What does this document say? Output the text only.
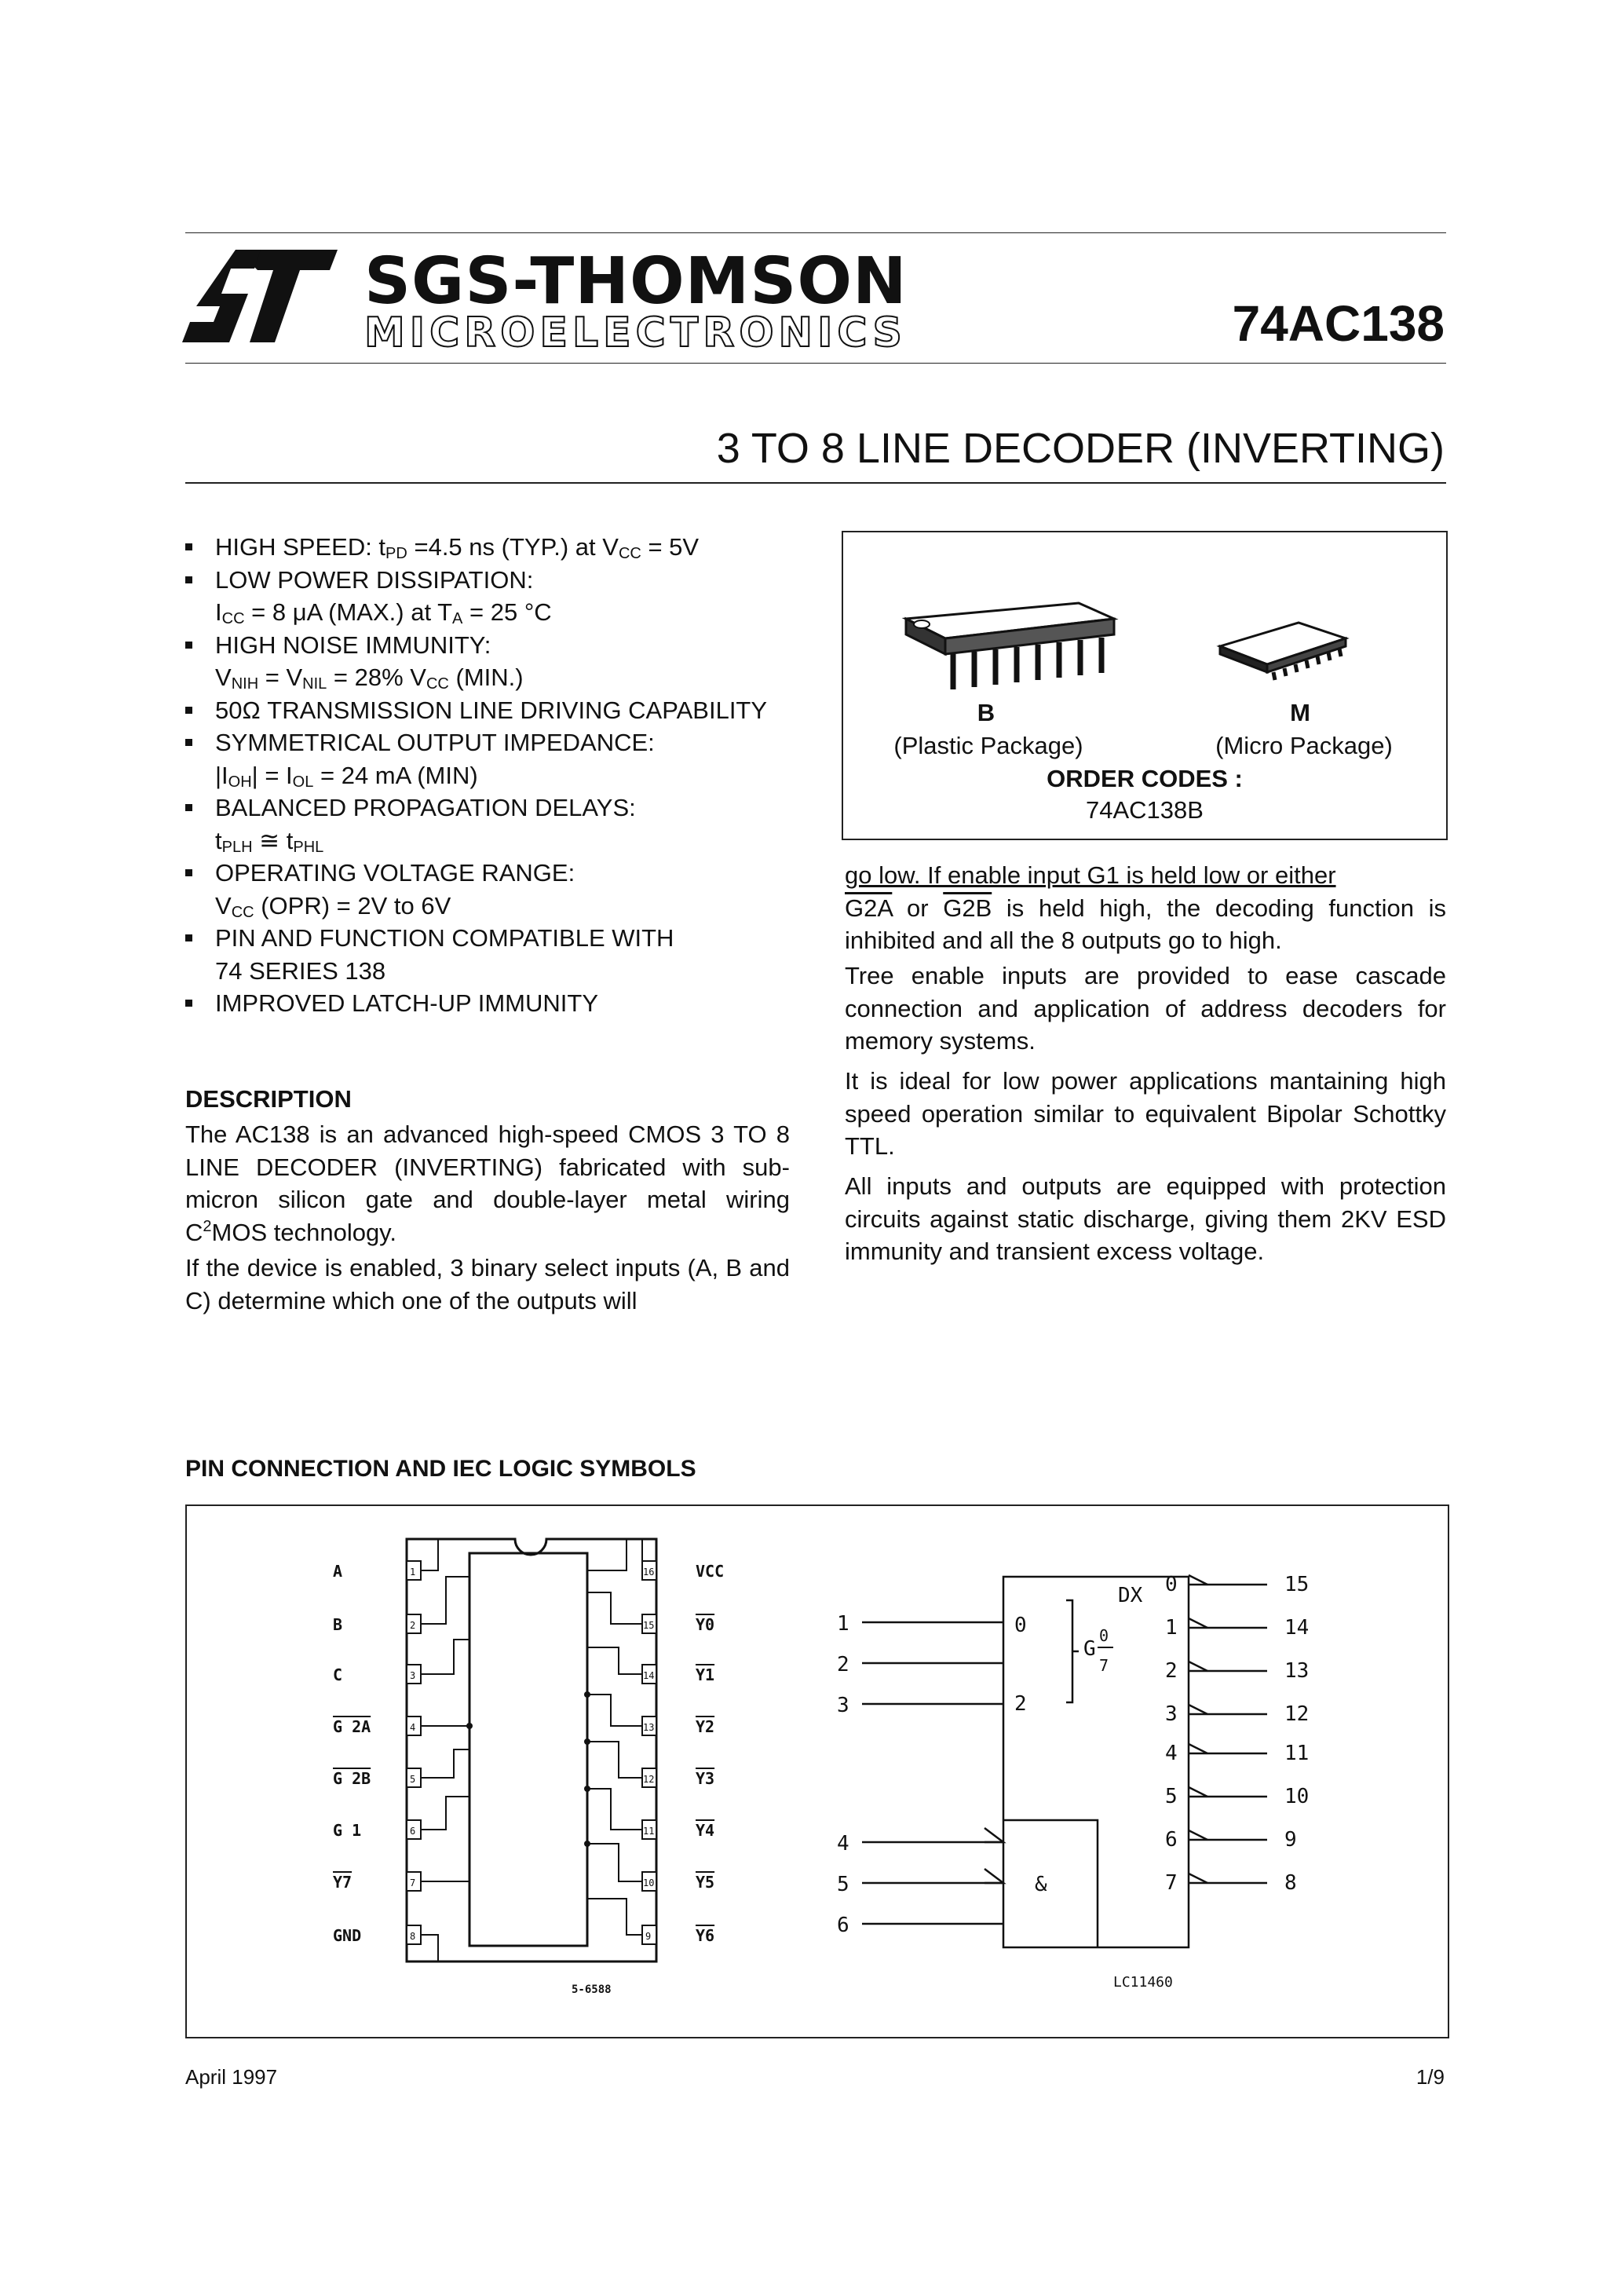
SGS-THOMSON
MICROELECTRONICS	74AC138
3 TO 8 LINE DECODER (INVERTING)
HIGH SPEED: $t_{PD} =4.5$ ns (TYP.) at $V_{CC} = 5V$
LOW POWER DISSIPATION:
$I_{CC} = 8$ μA (MAX.) at $T_A = 25$ °C
HIGH NOISE IMMUNITY:
$V_{NIH} = V_{NIL} = 28\%$ $V_{CC}$ (MIN.)
50Ω TRANSMISSION LINE DRIVING CAPABILITY
SYMMETRICAL OUTPUT IMPEDANCE:
$|I_{OH}| = I_{OL} = 24$ mA (MIN)
BALANCED PROPAGATION DELAYS:
$t_{PLH}$ ≅ $t_{PHL}$
OPERATING VOLTAGE RANGE:
$V_{CC}$ (OPR) = 2V to 6V
PIN AND FUNCTION COMPATIBLE WITH 74 SERIES 138
IMPROVED LATCH-UP IMMUNITY
DESCRIPTION
The AC138 is an advanced high-speed CMOS 3 TO 8 LINE DECODER (INVERTING) fabricated with sub-micron silicon gate and double-layer metal wiring $C^2MOS$ technology.
If the device is enabled, 3 binary select inputs (A, B and C) determine which one of the outputs will
B
(Plastic Package)
M
(Micro Package)
ORDER CODES :
74AC138B
go low. If enable input G1 is held low or either
G2A or G2B is held high, the decoding function is inhibited and all the 8 outputs go to high.
Tree enable inputs are provided to ease cascade connection and application of address decoders for memory systems.
It is ideal for low power applications mantaining high speed operation similar to equivalent Bipolar Schottky TTL.
All inputs and outputs are equipped with protection circuits against static discharge, giving them 2KV ESD immunity and transient excess voltage.
PIN CONNECTION AND IEC LOGIC SYMBOLS
1
2
3
4
5
6
7
8
16
15
14
13
12
11
10
9
A
B
C
G 2A
G 2B
G 1
Y7
GND
VCC
Y0
Y1
Y2
Y3
Y4
Y5
Y6
5-6588
0
2
G
0
7
DX
&
1
2
3
4
5
6
0
1
2
3
4
5
6
7
15
14
13
12
11
10
9
8
LC11460
April 1997	1/9
